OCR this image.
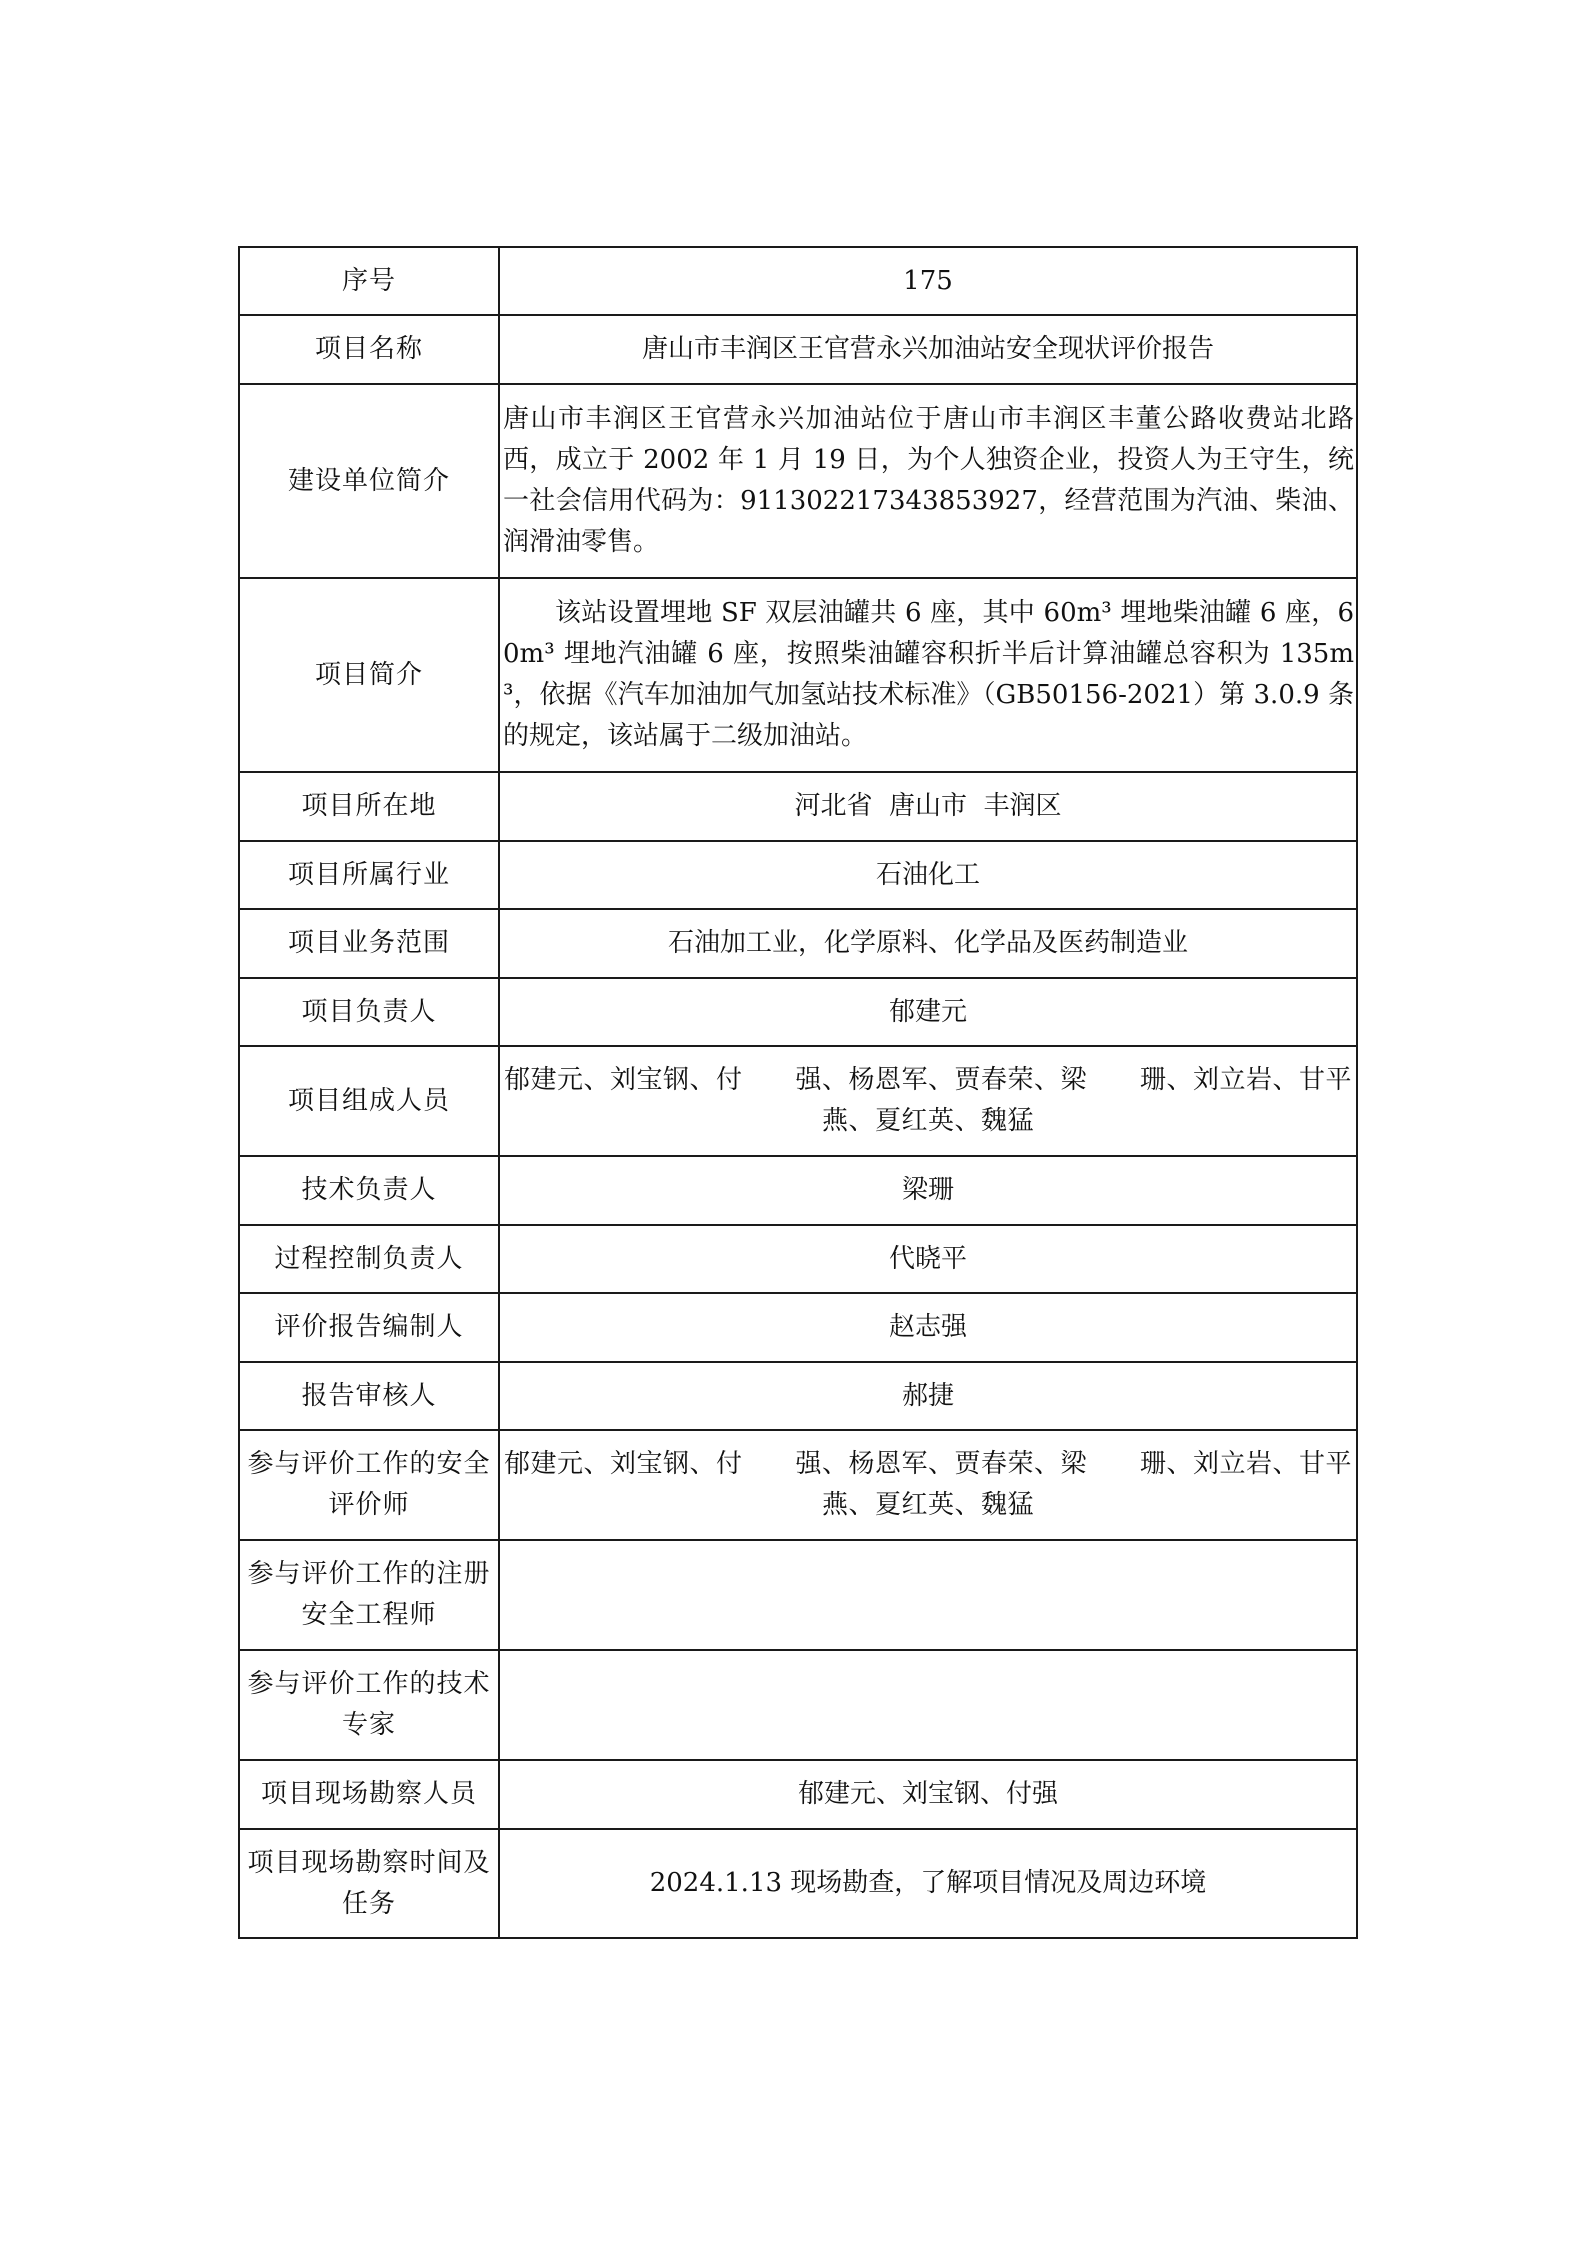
序号	175
项目名称	唐山市丰润区王官营永兴加油站安全现状评价报告
建设单位简介	唐山市丰润区王官营永兴加油站位于唐山市丰润区丰董公路收费站北路西，成立于 2002 年 1 月 19 日，为个人独资企业，投资人为王守生，统一社会信用代码为：911302217343853927，经营范围为汽油、柴油、润滑油零售。
项目简介	该站设置埋地 SF 双层油罐共 6 座，其中 60m³ 埋地柴油罐 6 座，60m³ 埋地汽油罐 6 座，按照柴油罐容积折半后计算油罐总容积为 135m³，依据《汽车加油加气加氢站技术标准》（GB50156-2021）第 3.0.9 条的规定，该站属于二级加油站。
项目所在地	河北省  唐山市  丰润区
项目所属行业	石油化工
项目业务范围	石油加工业，化学原料、化学品及医药制造业
项目负责人	郁建元
项目组成人员	郁建元、刘宝钢、付　　强、杨恩军、贾春荣、梁　　珊、刘立岩、甘平燕、夏红英、魏猛

技术负责人	梁珊
过程控制负责人	代晓平
评价报告编制人	赵志强
报告审核人	郝捷
参与评价工作的安全评价师	郁建元、刘宝钢、付　　强、杨恩军、贾春荣、梁　　珊、刘立岩、甘平燕、夏红英、魏猛

参与评价工作的注册安全工程师	
参与评价工作的技术专家	
项目现场勘察人员	郁建元、刘宝钢、付强
项目现场勘察时间及任务	2024.1.13 现场勘查，了解项目情况及周边环境
